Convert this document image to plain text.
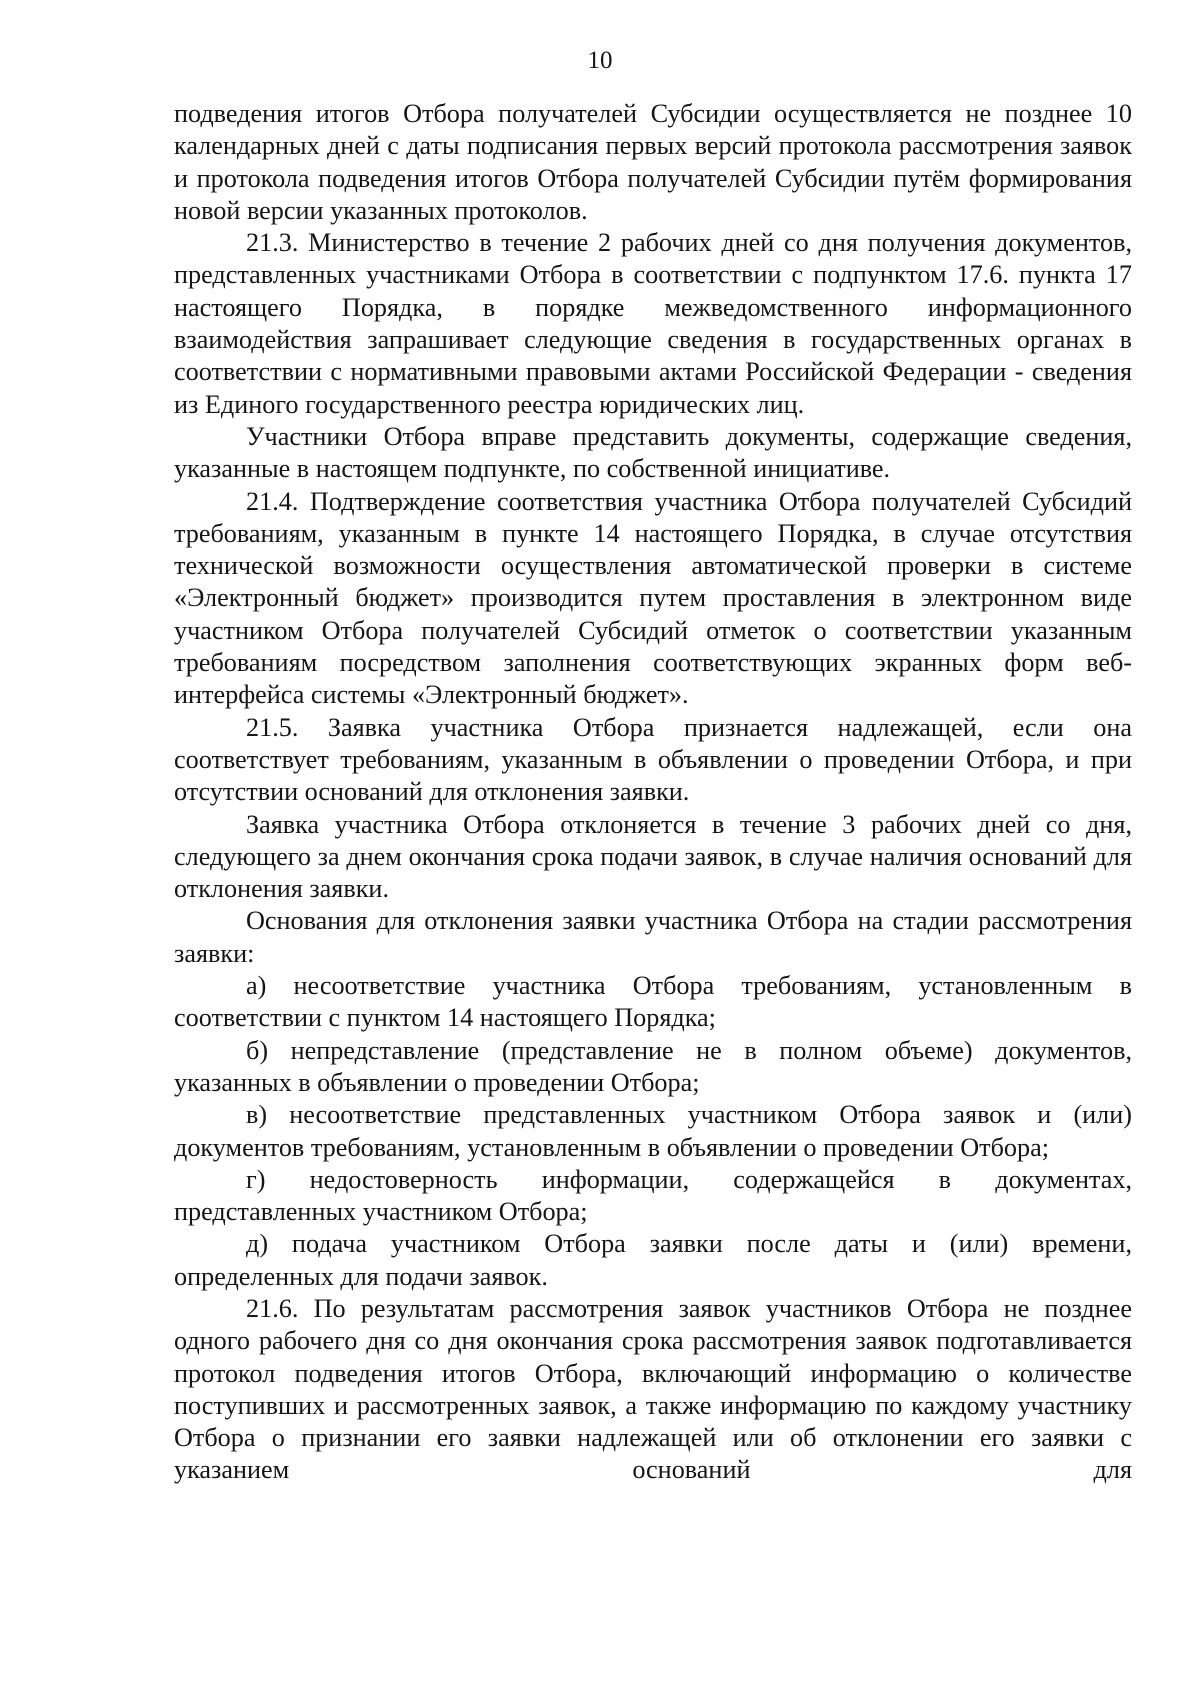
10

подведения итогов Отбора получателей Субсидии осуществляется не позднее 10 календарных дней с даты подписания первых версий протокола рассмотрения заявок и протокола подведения итогов Отбора получателей Субсидии путём формирования новой версии указанных протоколов.

21.3. Министерство в течение 2 рабочих дней со дня получения документов, представленных участниками Отбора в соответствии с подпунктом 17.6. пункта 17 настоящего Порядка, в порядке межведомственного информационного взаимодействия запрашивает следующие сведения в государственных органах в соответствии с нормативными правовыми актами Российской Федерации - сведения из Единого государственного реестра юридических лиц.

Участники Отбора вправе представить документы, содержащие сведения, указанные в настоящем подпункте, по собственной инициативе.

21.4. Подтверждение соответствия участника Отбора получателей Субсидий требованиям, указанным в пункте 14 настоящего Порядка, в случае отсутствия технической возможности осуществления автоматической проверки в системе «Электронный бюджет» производится путем проставления в электронном виде участником Отбора получателей Субсидий отметок о соответствии указанным требованиям посредством заполнения соответствующих экранных форм веб-интерфейса системы «Электронный бюджет».

21.5. Заявка участника Отбора признается надлежащей, если она соответствует требованиям, указанным в объявлении о проведении Отбора, и при отсутствии оснований для отклонения заявки.

Заявка участника Отбора отклоняется в течение 3 рабочих дней со дня, следующего за днем окончания срока подачи заявок, в случае наличия оснований для отклонения заявки.

Основания для отклонения заявки участника Отбора на стадии рассмотрения заявки:

а) несоответствие участника Отбора требованиям, установленным в соответствии с пунктом 14 настоящего Порядка;

б) непредставление (представление не в полном объеме) документов, указанных в объявлении о проведении Отбора;

в) несоответствие представленных участником Отбора заявок и (или) документов требованиям, установленным в объявлении о проведении Отбора;

г) недостоверность информации, содержащейся в документах, представленных участником Отбора;

д) подача участником Отбора заявки после даты и (или) времени, определенных для подачи заявок.

21.6. По результатам рассмотрения заявок участников Отбора не позднее одного рабочего дня со дня окончания срока рассмотрения заявок подготавливается протокол подведения итогов Отбора, включающий информацию о количестве поступивших и рассмотренных заявок, а также информацию по каждому участнику Отбора о признании его заявки надлежащей или об отклонении его заявки с указанием оснований для
